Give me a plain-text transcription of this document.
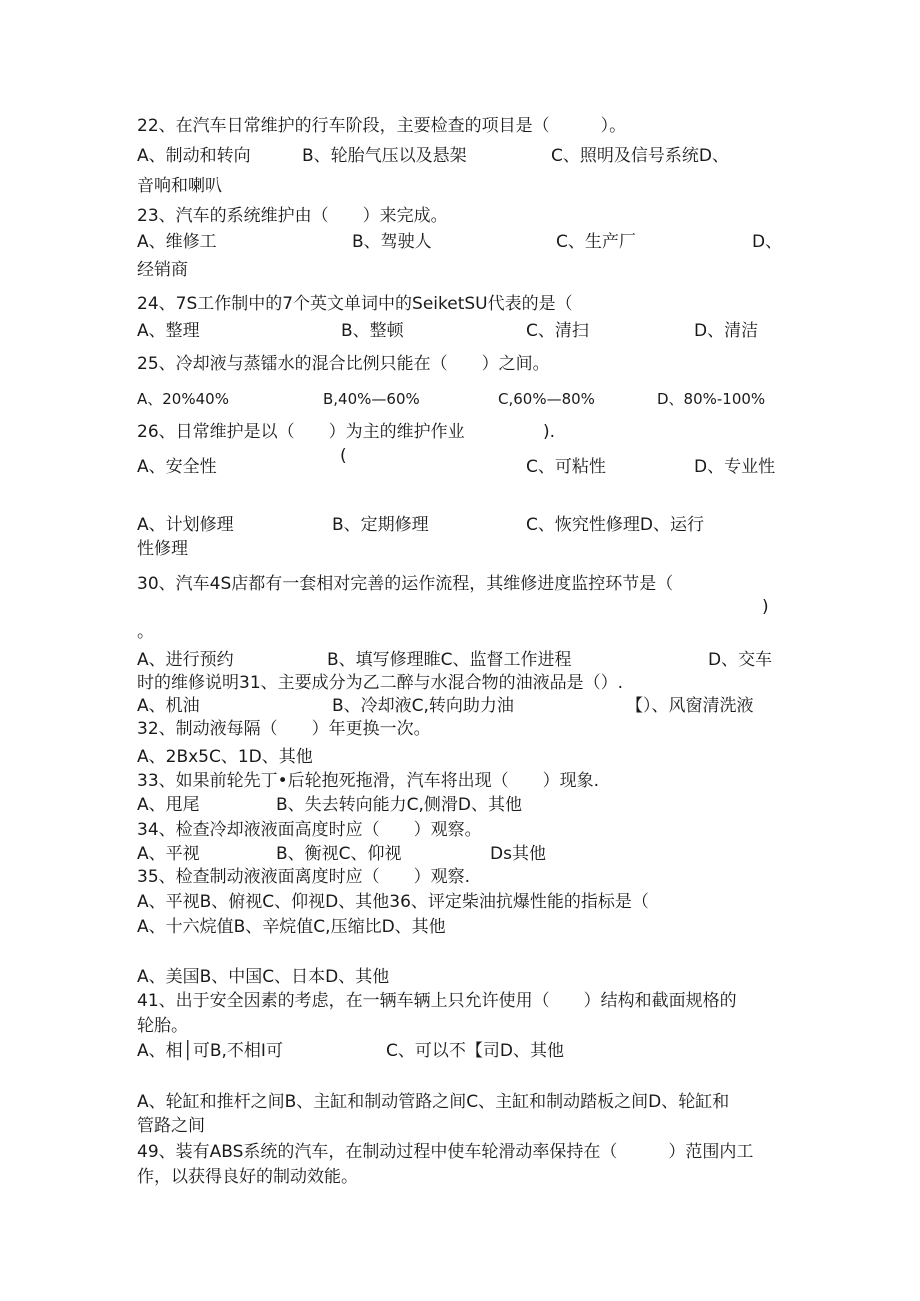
22、在汽车日常维护的行车阶段，主要检查的项目是（　　　）。
A、制动和转向	B、轮胎气压以及悬架	C、照明及信号系统D、
音响和喇叭
23、汽车的系统维护由（　　）来完成。
A、维修工	B、驾驶人	C、生产厂	D、
经销商
24、7S工作制中的7个英文单词中的SeiketSU代表的是（
A、整理	B、整顿	C、清扫	D、清洁
25、冷却液与蒸镭水的混合比例只能在（　　）之间。
A、20%40%	B,40%—60%	C,60%—80%	D、80%-100%
26、日常维护是以（　　）为主的维护作业	).
A、安全性
(
C、可粘性	D、专业性
A、计划修理	B、定期修理	C、恢究性修理D、运行
性修理
30、汽车4S店都有一套相对完善的运作流程，其维修进度监控环节是（
)
。
A、进行预约	B、填写修理睢C、监督工作进程	D、交车
时的维修说明31、主要成分为乙二醉与水混合物的油液品是（）.
A、机油	B、冷却液C,转向助力油	【）、风窗清洗液
32、制动液每隔（　　）年更换一次。
A、2Bx5C、1D、其他
33、如果前轮先丁•后轮抱死拖滑，汽车将出现（　　）现象.
A、甩尾	B、失去转向能力C,侧滑D、其他
34、检查冷却液液面高度时应（　　）观察。
A、平视	B、衡视C、仰视	Ds其他
35、检查制动液液面离度时应（　　）观察.
A、平视B、俯视C、仰视D、其他36、评定柴油抗爆性能的指标是（
A、十六烷值B、辛烷值C,压缩比D、其他
A、美国B、中国C、日本D、其他
41、出于安全因素的考虑，在一辆车辆上只允许使用（　　）结构和截面规格的
轮胎。
A、相│可B,不相I可	C、可以不【司D、其他
A、轮缸和推杆之间B、主缸和制动管路之间C、主缸和制动踏板之间D、轮缸和
管路之间
49、装有ABS系统的汽车，在制动过程中使车轮滑动率保持在（　　　）范围内工
作，以获得良好的制动效能。
